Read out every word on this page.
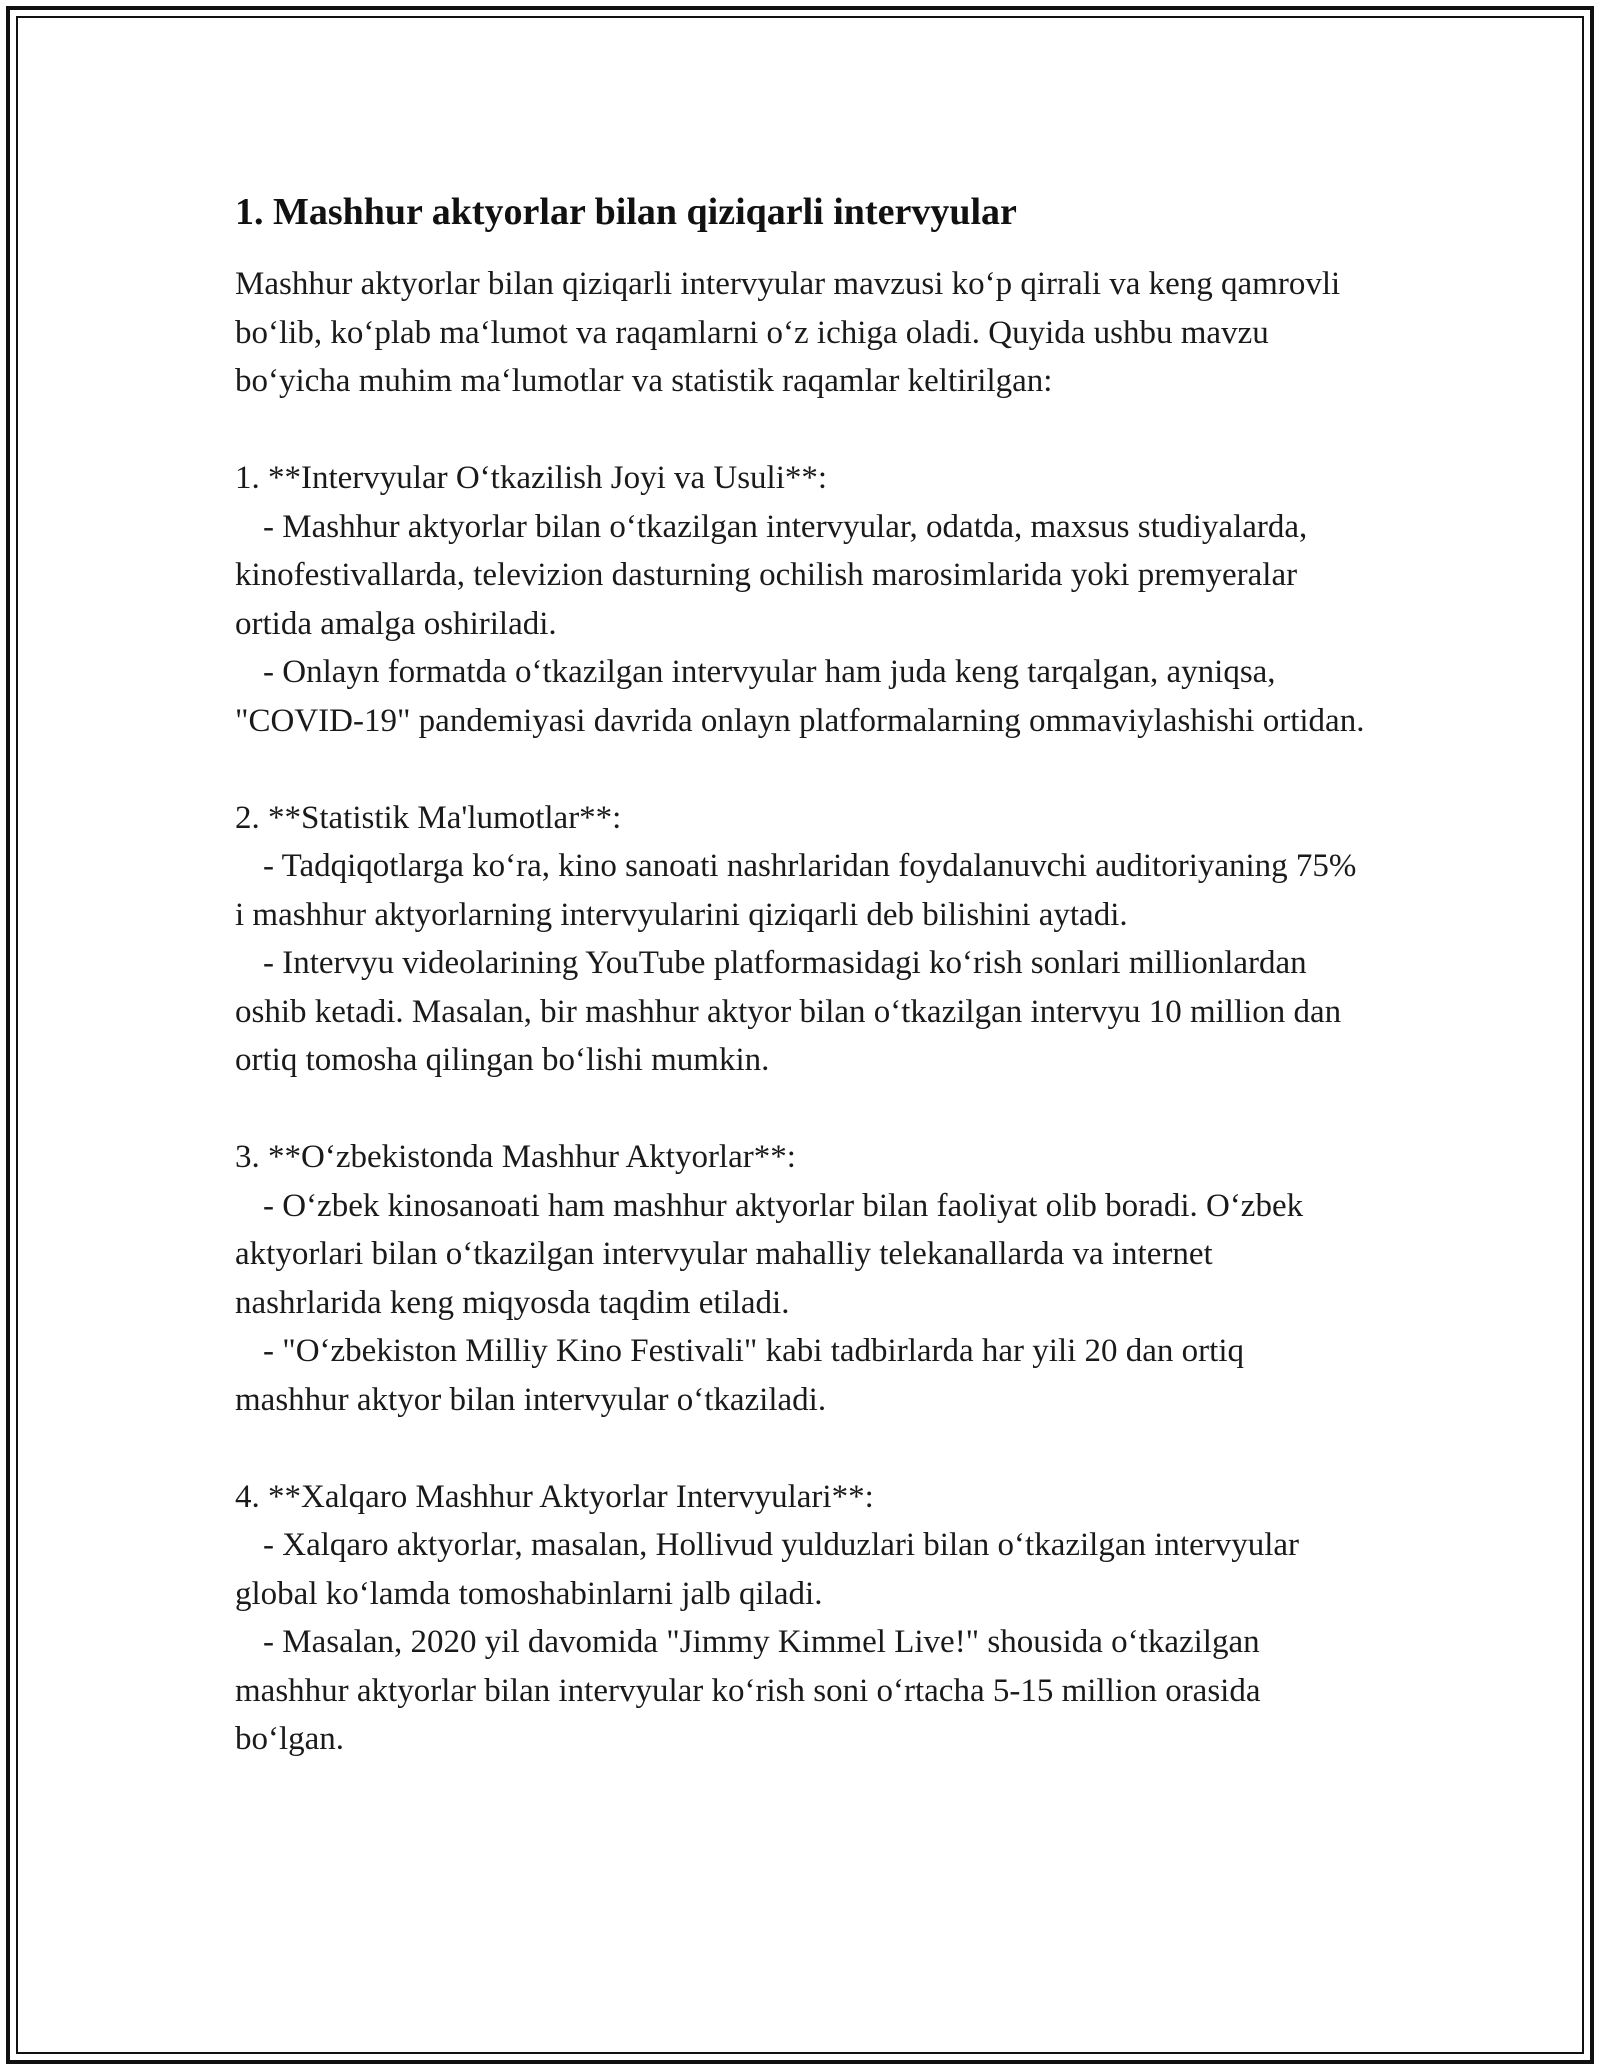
1. Mashhur aktyorlar bilan qiziqarli intervyular

Mashhur aktyorlar bilan qiziqarli intervyular mavzusi ko‘p qirrali va keng qamrovli bo‘lib, ko‘plab ma‘lumot va raqamlarni o‘z ichiga oladi. Quyida ushbu mavzu bo‘yicha muhim ma‘lumotlar va statistik raqamlar keltirilgan:

1. **Intervyular O‘tkazilish Joyi va Usuli**:

- Mashhur aktyorlar bilan o‘tkazilgan intervyular, odatda, maxsus studiyalarda, kinofestivallarda, televizion dasturning ochilish marosimlarida yoki premyeralar ortida amalga oshiriladi.

- Onlayn formatda o‘tkazilgan intervyular ham juda keng tarqalgan, ayniqsa, "COVID-19" pandemiyasi davrida onlayn platformalarning ommaviylashishi ortidan.

2. **Statistik Ma'lumotlar**:

- Tadqiqotlarga ko‘ra, kino sanoati nashrlaridan foydalanuvchi auditoriyaning 75% i mashhur aktyorlarning intervyularini qiziqarli deb bilishini aytadi.

- Intervyu videolarining YouTube platformasidagi ko‘rish sonlari millionlardan oshib ketadi. Masalan, bir mashhur aktyor bilan o‘tkazilgan intervyu 10 million dan ortiq tomosha qilingan bo‘lishi mumkin.

3. **O‘zbekistonda Mashhur Aktyorlar**:

- O‘zbek kinosanoati ham mashhur aktyorlar bilan faoliyat olib boradi. O‘zbek aktyorlari bilan o‘tkazilgan intervyular mahalliy telekanallarda va internet nashrlarida keng miqyosda taqdim etiladi.

- "O‘zbekiston Milliy Kino Festivali" kabi tadbirlarda har yili 20 dan ortiq mashhur aktyor bilan intervyular o‘tkaziladi.

4. **Xalqaro Mashhur Aktyorlar Intervyulari**:

- Xalqaro aktyorlar, masalan, Hollivud yulduzlari bilan o‘tkazilgan intervyular global ko‘lamda tomoshabinlarni jalb qiladi.

- Masalan, 2020 yil davomida "Jimmy Kimmel Live!" shousida o‘tkazilgan mashhur aktyorlar bilan intervyular ko‘rish soni o‘rtacha 5-15 million orasida bo‘lgan.
